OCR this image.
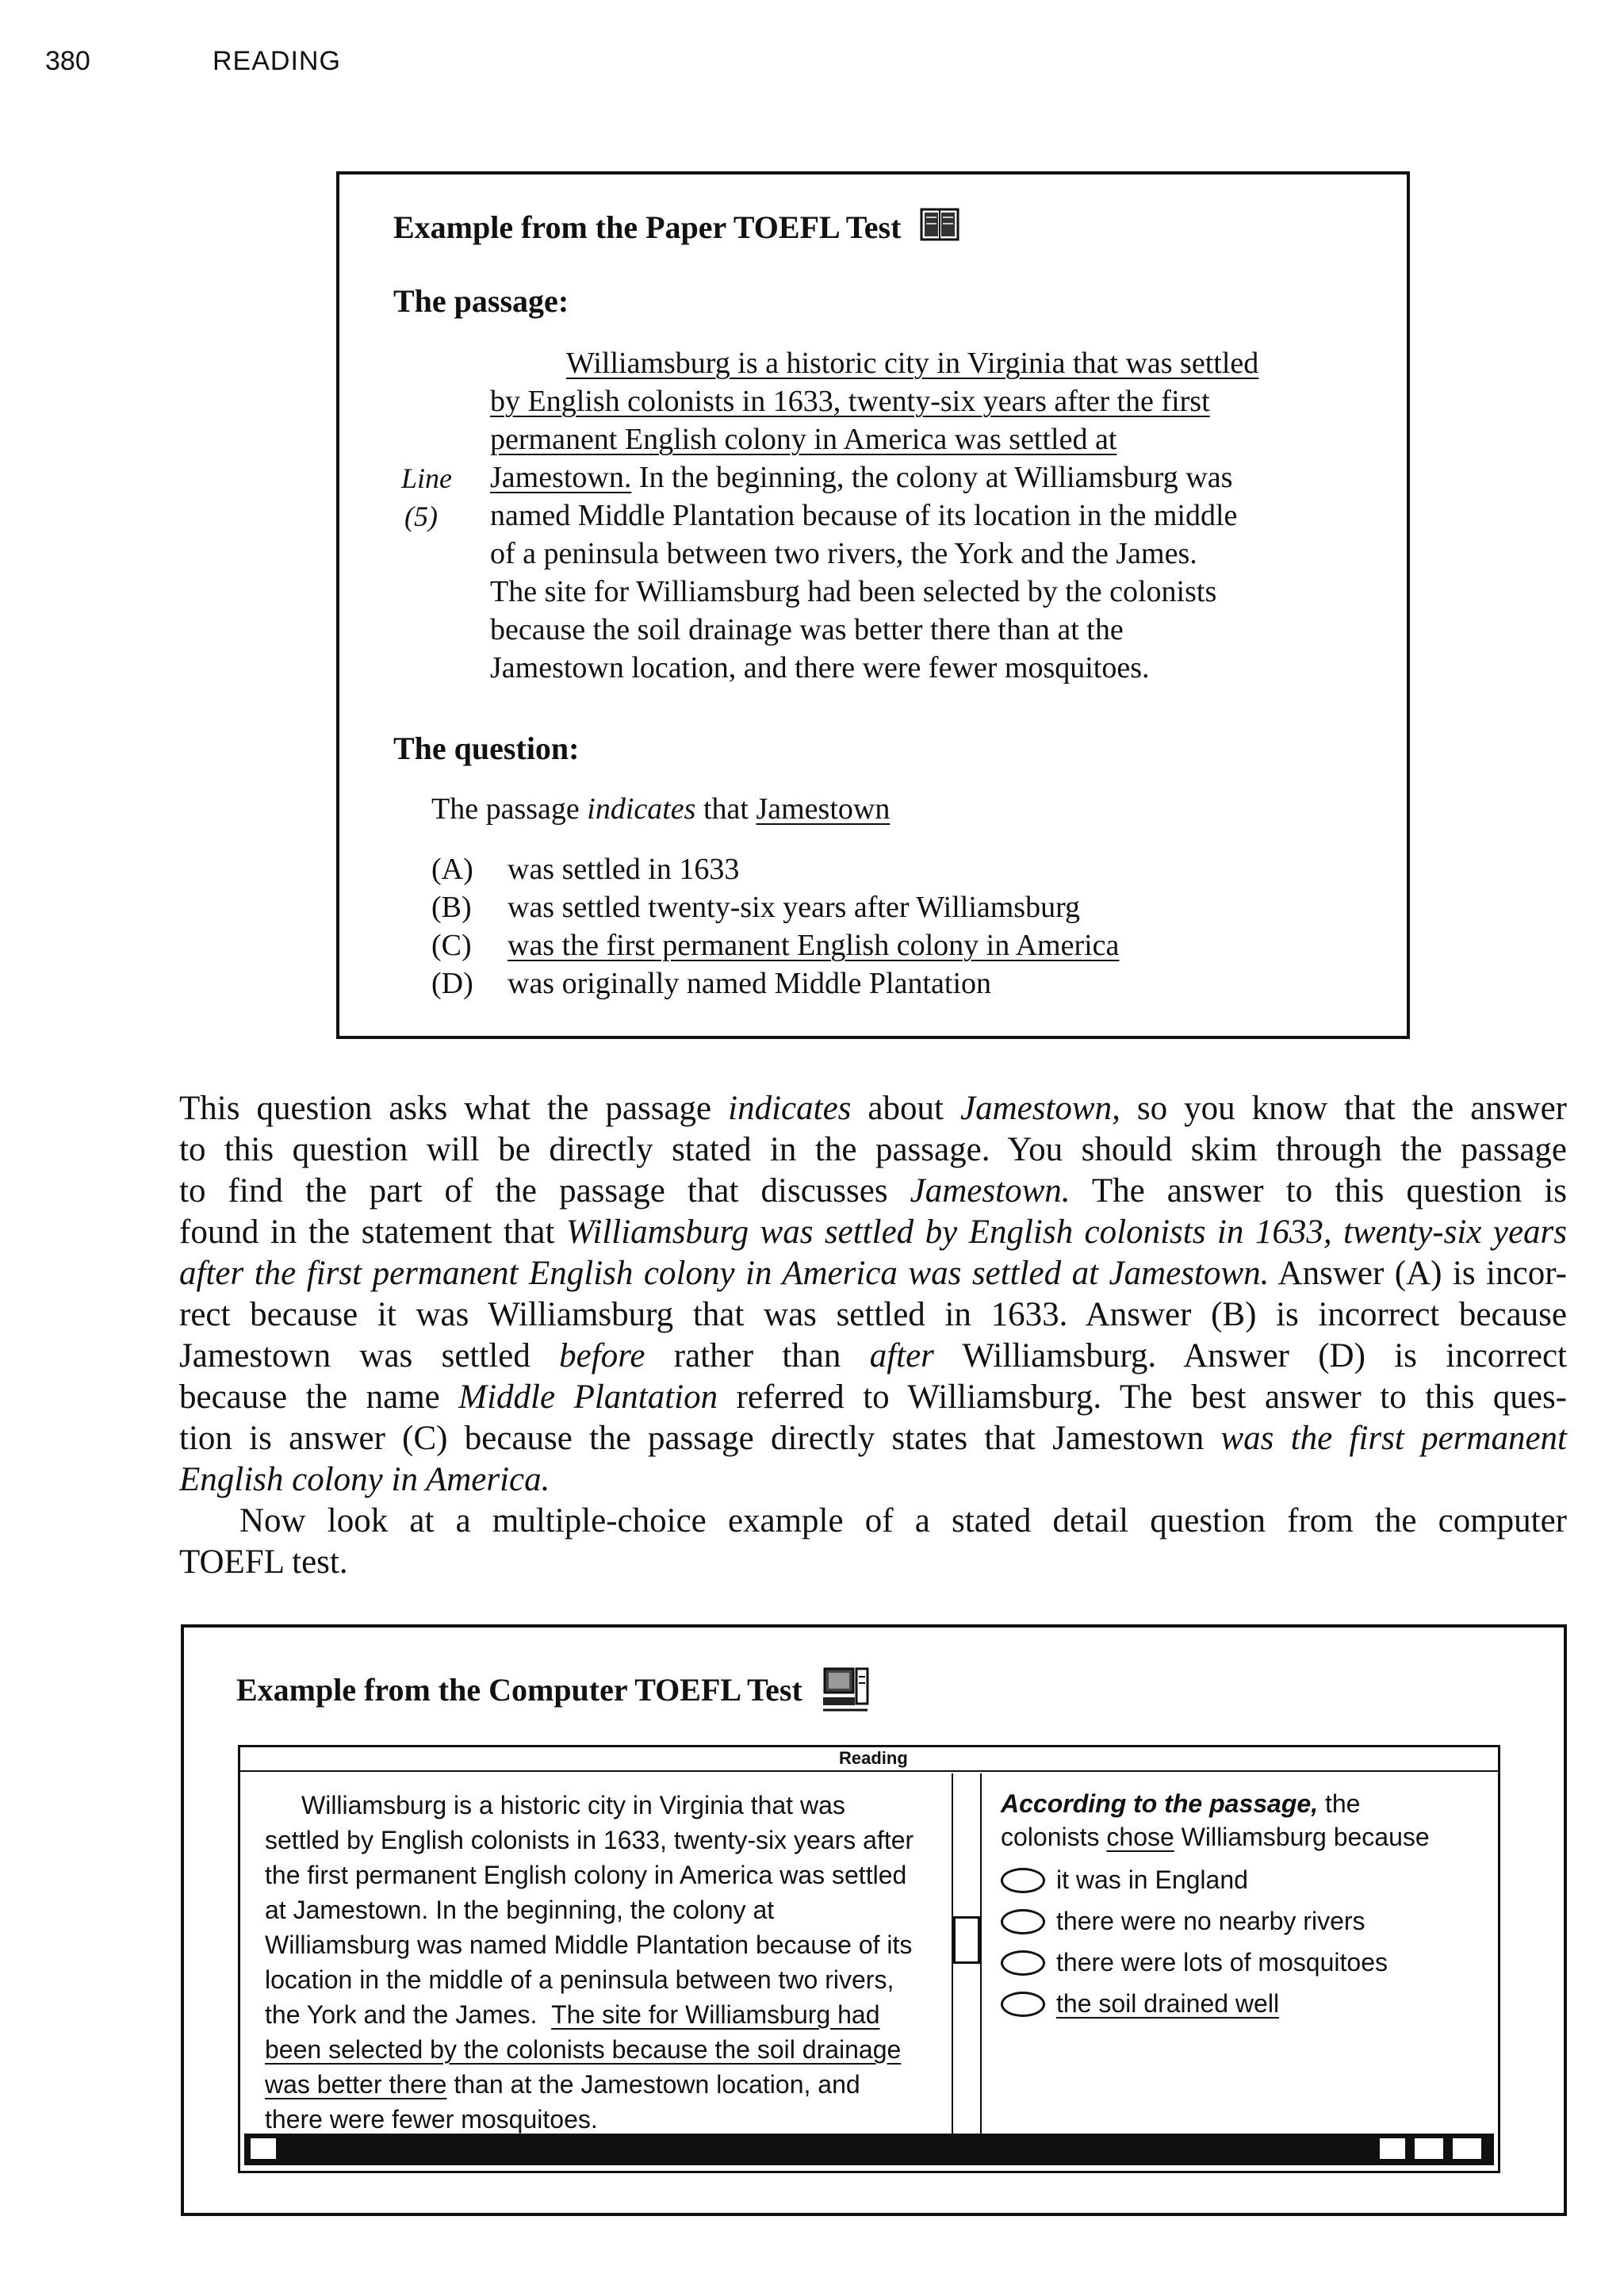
380	READING
Example from the Paper TOEFL Test
The passage:
Williamsburg is a historic city in Virginia that was settled
by English colonists in 1633, twenty-six years after the first
permanent English colony in America was settled at
Jamestown. In the beginning, the colony at Williamsburg was
named Middle Plantation because of its location in the middle
of a peninsula between two rivers, the York and the James.
The site for Williamsburg had been selected by the colonists
because the soil drainage was better there than at the
Jamestown location, and there were fewer mosquitoes.
Line
(5)
The question:
The passage indicates that Jamestown
(A) was settled in 1633
(B) was settled twenty-six years after Williamsburg
(C) was the first permanent English colony in America
(D) was originally named Middle Plantation
This question asks what the passage indicates about Jamestown, so you know that the answer
to this question will be directly stated in the passage. You should skim through the passage
to find the part of the passage that discusses Jamestown. The answer to this question is
found in the statement that Williamsburg was settled by English colonists in 1633, twenty-six years
after the first permanent English colony in America was settled at Jamestown. Answer (A) is incor-
rect because it was Williamsburg that was settled in 1633. Answer (B) is incorrect because
Jamestown was settled before rather than after Williamsburg. Answer (D) is incorrect
because the name Middle Plantation referred to Williamsburg. The best answer to this ques-
tion is answer (C) because the passage directly states that Jamestown was the first permanent
English colony in America.
Now look at a multiple-choice example of a stated detail question from the computer
TOEFL test.
Example from the Computer TOEFL Test
Reading
Williamsburg is a historic city in Virginia that was
settled by English colonists in 1633, twenty-six years after
the first permanent English colony in America was settled
at Jamestown. In the beginning, the colony at
Williamsburg was named Middle Plantation because of its
location in the middle of a peninsula between two rivers,
the York and the James. The site for Williamsburg had
been selected by the colonists because the soil drainage
was better there than at the Jamestown location, and
there were fewer mosquitoes.
According to the passage, the
colonists chose Williamsburg because
it was in England
there were no nearby rivers
there were lots of mosquitoes
the soil drained well
